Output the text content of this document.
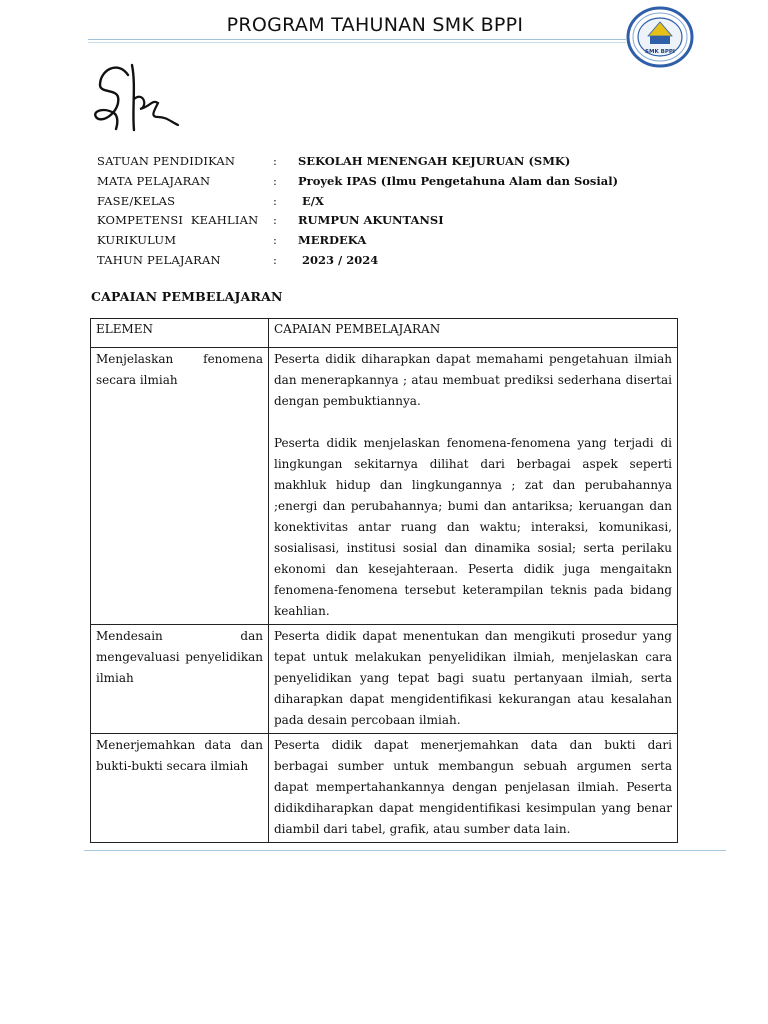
PROGRAM TAHUNAN SMK BPPI
SMK BPPI
SATUAN PENDIDIKAN	: SEKOLAH MENENGAH KEJURUAN (SMK)
MATA PELAJARAN	: Proyek IPAS (Ilmu Pengetahuna Alam dan Sosial)
FASE/KELAS	: E/X
KOMPETENSI  KEAHLIAN : RUMPUN AKUNTANSI
KURIKULUM	: MERDEKA
TAHUN PELAJARAN	: 2023 / 2024
CAPAIAN PEMBELAJARAN
ELEMEN	CAPAIAN PEMBELAJARAN
Menjelaskan fenomena secara ilmiah	Peserta didik diharapkan dapat memahami pengetahuan ilmiah dan menerapkannya ; atau membuat prediksi sederhana disertai dengan pembuktiannya.

Peserta didik menjelaskan fenomena-fenomena yang terjadi di lingkungan sekitarnya dilihat dari berbagai aspek seperti makhluk hidup dan lingkungannya ; zat dan perubahannya ;energi dan perubahannya; bumi dan antariksa; keruangan dan konektivitas antar ruang dan waktu; interaksi, komunikasi, sosialisasi, institusi sosial dan dinamika sosial; serta perilaku ekonomi dan kesejahteraan. Peserta didik juga mengaitakn fenomena-fenomena tersebut keterampilan teknis pada bidang keahlian.

Mendesain dan mengevaluasi penyelidikan ilmiah	Peserta didik dapat menentukan dan mengikuti prosedur yang tepat untuk melakukan penyelidikan ilmiah, menjelaskan cara penyelidikan yang tepat bagi suatu pertanyaan ilmiah, serta diharapkan dapat mengidentifikasi kekurangan atau kesalahan pada desain percobaan ilmiah.

Menerjemahkan data dan bukti-bukti secara ilmiah	Peserta didik dapat menerjemahkan data dan bukti dari berbagai sumber untuk membangun sebuah argumen serta dapat mempertahankannya dengan penjelasan ilmiah. Peserta didikdiharapkan dapat mengidentifikasi kesimpulan yang benar diambil dari tabel, grafik, atau sumber data lain.
